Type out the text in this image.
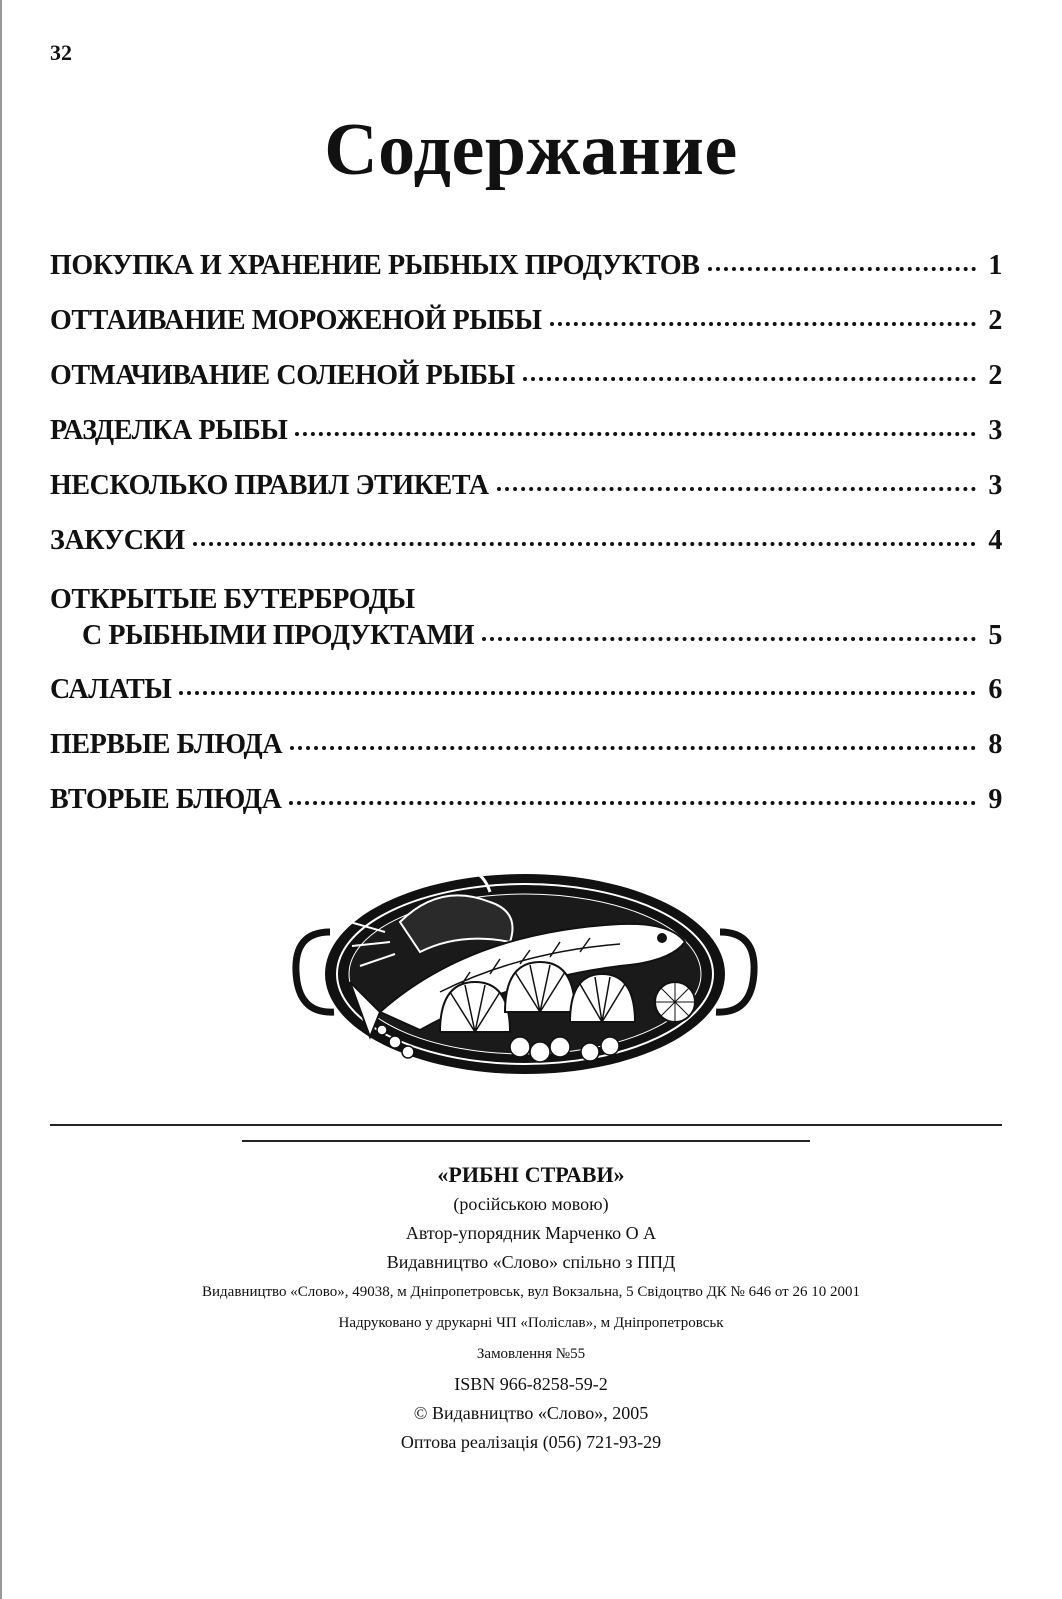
32
Содержание
ПОКУПКА И ХРАНЕНИЕ РЫБНЫХ ПРОДУКТОВ	1
ОТТАИВАНИЕ МОРОЖЕНОЙ РЫБЫ	2
ОТМАЧИВАНИЕ СОЛЕНОЙ РЫБЫ	2
РАЗДЕЛКА РЫБЫ	3
НЕСКОЛЬКО ПРАВИЛ ЭТИКЕТА	3
ЗАКУСКИ	4
ОТКРЫТЫЕ БУТЕРБРОДЫ
С РЫБНЫМИ ПРОДУКТАМИ	5
САЛАТЫ	6
ПЕРВЫЕ БЛЮДА	8
ВТОРЫЕ БЛЮДА	9
«РИБНІ СТРАВИ»
(російською мовою)
Автор-упорядник Марченко О А
Видавництво «Слово» спільно з ППД
Видавництво «Слово», 49038, м Дніпропетровськ, вул Вокзальна, 5 Свідоцтво ДК № 646 от 26 10 2001
Надруковано у друкарні ЧП «Поліслав», м Дніпропетровськ
Замовлення №55
ISBN 966-8258-59-2
© Видавництво «Слово», 2005
Оптова реалізація (056) 721-93-29
